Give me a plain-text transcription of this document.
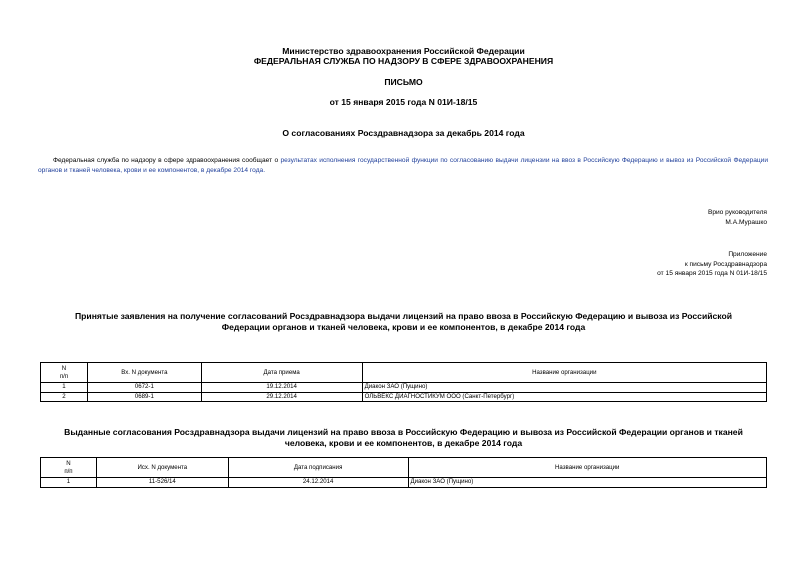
Министерство здравоохранения Российской Федерации
ФЕДЕРАЛЬНАЯ СЛУЖБА ПО НАДЗОРУ В СФЕРЕ ЗДРАВООХРАНЕНИЯ
ПИСЬМО
от 15 января 2015 года N 01И-18/15
О согласованиях Росздравнадзора за декабрь 2014 года
Федеральная служба по надзору в сфере здравоохранения сообщает о результатах исполнения государственной функции по согласованию выдачи лицензии на ввоз в Российскую Федерацию и вывоз из Российской Федерации органов и тканей человека, крови и ее компонентов, в декабре 2014 года.
Врио руководителя
М.А.Мурашко
Приложение
к письму Росздравнадзора
от 15 января 2015 года N 01И-18/15
Принятые заявления на получение согласований Росздравнадзора выдачи лицензий на право ввоза в Российскую Федерацию и вывоза из Российской
Федерации органов и тканей человека, крови и ее компонентов, в декабре 2014 года
N
п/п	Вх. N документа	Дата приема	Название организации
1	0672-1	19.12.2014	Диакон ЗАО (Пущино)
2	0689-1	29.12.2014	ОЛЬВЕКС ДИАГНОСТИКУМ ООО (Санкт-Петербург)
Выданные согласования Росздравнадзора выдачи лицензий на право ввоза в Российскую Федерацию и вывоза из Российской Федерации органов и тканей
человека, крови и ее компонентов, в декабре 2014 года
N
п/п	Исх. N документа	Дата подписания	Название организации
1	11-526/14	24.12.2014	Диакон ЗАО (Пущино)
